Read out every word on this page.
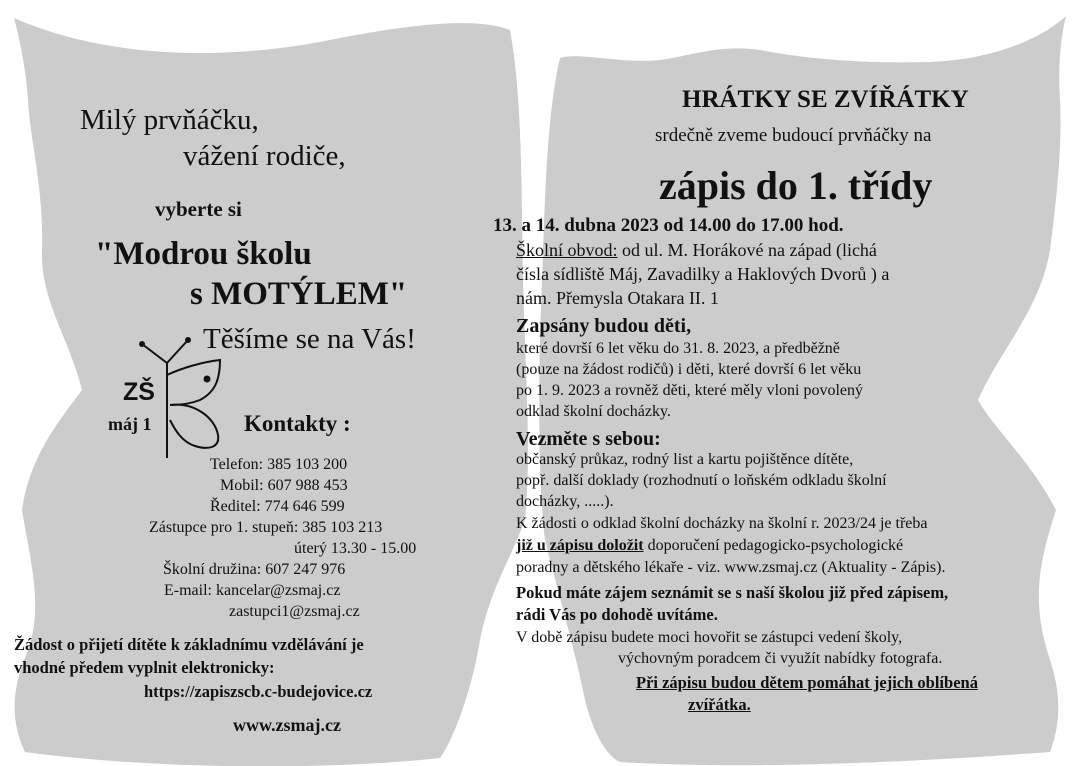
Milý prvňáčku,
vážení rodiče,
vyberte si
"Modrou školu
s MOTÝLEM"
Těšíme se na Vás!
ZŠ
máj 1	Kontakty :
Telefon: 385 103 200
Mobil: 607 988 453
Ředitel: 774 646 599
Zástupce pro 1. stupeň: 385 103 213
úterý 13.30 - 15.00
Školní družina: 607 247 976
E-mail: kancelar@zsmaj.cz
zastupci1@zsmaj.cz
Žádost o přijetí dítěte k základnímu vzdělávání je
vhodné předem vyplnit elektronicky:
https://zapiszscb.c-budejovice.cz
www.zsmaj.cz
HRÁTKY SE ZVÍŘÁTKY
srdečně zveme budoucí prvňáčky na
zápis do 1. třídy
13. a 14. dubna 2023 od 14.00 do 17.00 hod.
Školní obvod: od ul. M. Horákové na západ (lichá
čísla sídliště Máj, Zavadilky a Haklových Dvorů ) a
nám. Přemysla Otakara II. 1
Zapsány budou děti,
které dovrší 6 let věku do 31. 8. 2023, a předběžně
(pouze na žádost rodičů) i děti, které dovrší 6 let věku
po 1. 9. 2023 a rovněž děti, které měly vloni povolený
odklad školní docházky.
Vezměte s sebou:
občanský průkaz, rodný list a kartu pojištěnce dítěte,
popř. další doklady (rozhodnutí o loňském odkladu školní
docházky, .....).
K žádosti o odklad školní docházky na školní r. 2023/24 je třeba
již u zápisu doložit doporučení pedagogicko-psychologické
poradny a dětského lékaře - viz. www.zsmaj.cz (Aktuality - Zápis).
Pokud máte zájem seznámit se s naší školou již před zápisem,
rádi Vás po dohodě uvítáme.
V době zápisu budete moci hovořit se zástupci vedení školy,
výchovným poradcem či využít nabídky fotografa.
Při zápisu budou dětem pomáhat jejich oblíbená
zvířátka.
